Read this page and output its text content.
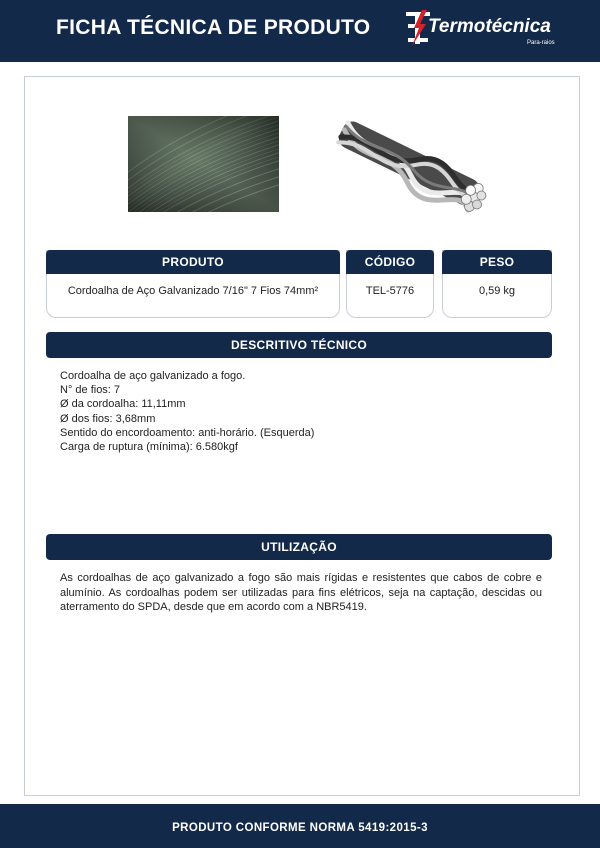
FICHA TÉCNICA DE PRODUTO	Termotécnica
Para-raios
PRODUTO
Cordoalha de Aço Galvanizado 7/16" 7 Fios 74mm²
CÓDIGO
TEL-5776
PESO
0,59 kg
DESCRITIVO TÉCNICO
Cordoalha de aço galvanizado a fogo.
N° de fios: 7
Ø da cordoalha: 11,11mm
Ø dos fios: 3,68mm
Sentido do encordoamento: anti-horário. (Esquerda)
Carga de ruptura (mínima): 6.580kgf
UTILIZAÇÃO

As cordoalhas de aço galvanizado a fogo são mais rígidas e resistentes que cabos de cobre e alumínio. As cordoalhas podem ser utilizadas para fins elétricos, seja na captação, descidas ou aterramento do SPDA, desde que em acordo com a NBR5419.

PRODUTO CONFORME NORMA 5419:2015-3
